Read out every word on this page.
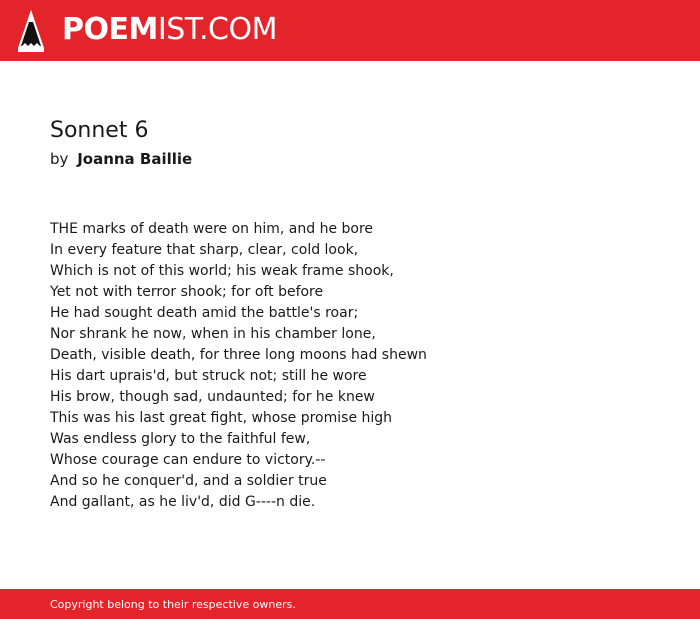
POEMIST.COM
Sonnet 6
by Joanna Baillie
THE marks of death were on him, and he bore
In every feature that sharp, clear, cold look,
Which is not of this world; his weak frame shook,
Yet not with terror shook; for oft before
He had sought death amid the battle's roar;
Nor shrank he now, when in his chamber lone,
Death, visible death, for three long moons had shewn
His dart uprais'd, but struck not; still he wore
His brow, though sad, undaunted; for he knew
This was his last great fight, whose promise high
Was endless glory to the faithful few,
Whose courage can endure to victory.--
And so he conquer'd, and a soldier true
And gallant, as he liv'd, did G----n die.
Copyright belong to their respective owners.
